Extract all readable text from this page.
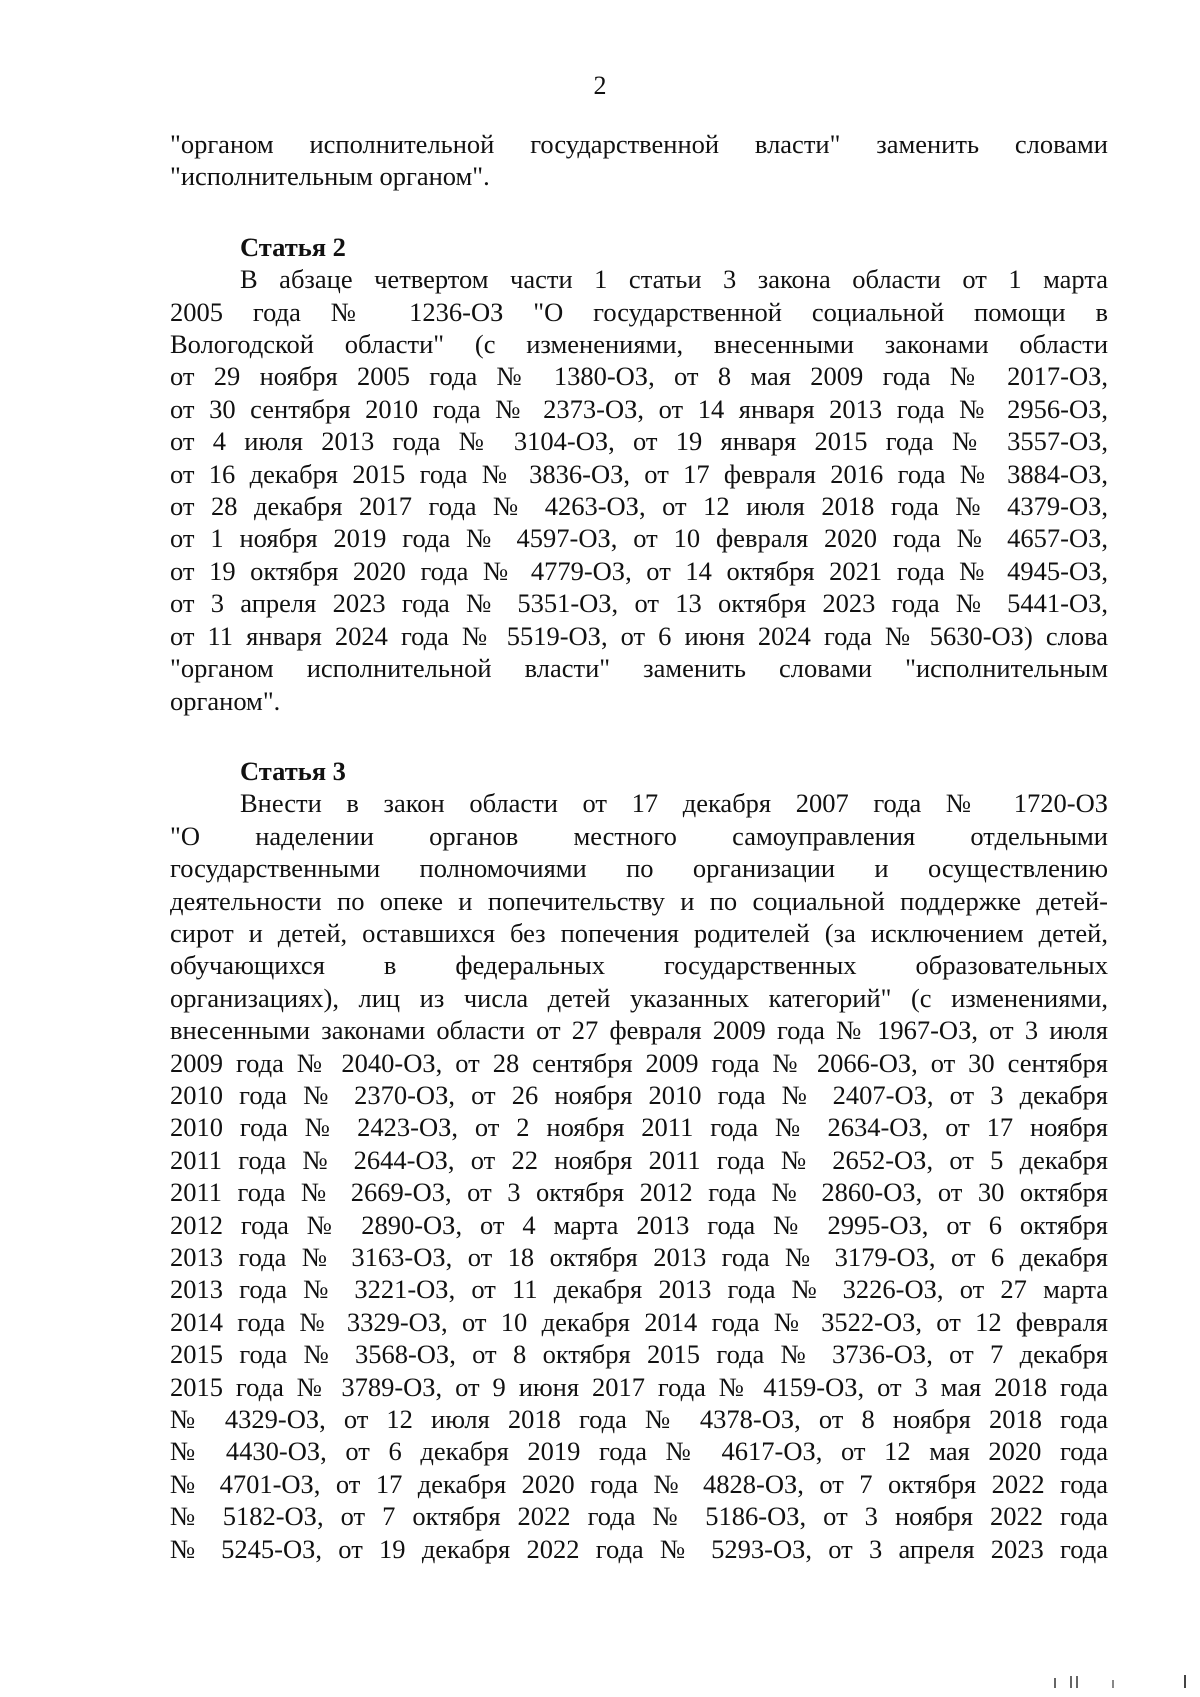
2
"органом исполнительной государственной власти" заменить словами
"исполнительным органом".
Статья 2
В абзаце четвертом части 1 статьи 3 закона области от 1 марта
2005 года № 1236-ОЗ "О государственной социальной помощи в
Вологодской области" (с изменениями, внесенными законами области
от 29 ноября 2005 года № 1380-ОЗ, от 8 мая 2009 года № 2017-ОЗ,
от 30 сентября 2010 года № 2373-ОЗ, от 14 января 2013 года № 2956-ОЗ,
от 4 июля 2013 года № 3104-ОЗ, от 19 января 2015 года № 3557-ОЗ,
от 16 декабря 2015 года № 3836-ОЗ, от 17 февраля 2016 года № 3884-ОЗ,
от 28 декабря 2017 года № 4263-ОЗ, от 12 июля 2018 года № 4379-ОЗ,
от 1 ноября 2019 года № 4597-ОЗ, от 10 февраля 2020 года № 4657-ОЗ,
от 19 октября 2020 года № 4779-ОЗ, от 14 октября 2021 года № 4945-ОЗ,
от 3 апреля 2023 года № 5351-ОЗ, от 13 октября 2023 года № 5441-ОЗ,
от 11 января 2024 года № 5519-ОЗ, от 6 июня 2024 года № 5630-ОЗ) слова
"органом исполнительной власти" заменить словами "исполнительным
органом".
Статья 3
Внести в закон области от 17 декабря 2007 года № 1720-ОЗ
"О наделении органов местного самоуправления отдельными
государственными полномочиями по организации и осуществлению
деятельности по опеке и попечительству и по социальной поддержке детей-
сирот и детей, оставшихся без попечения родителей (за исключением детей,
обучающихся в федеральных государственных образовательных
организациях), лиц из числа детей указанных категорий" (с изменениями,
внесенными законами области от 27 февраля 2009 года № 1967-ОЗ, от 3 июля
2009 года № 2040-ОЗ, от 28 сентября 2009 года № 2066-ОЗ, от 30 сентября
2010 года № 2370-ОЗ, от 26 ноября 2010 года № 2407-ОЗ, от 3 декабря
2010 года № 2423-ОЗ, от 2 ноября 2011 года № 2634-ОЗ, от 17 ноября
2011 года № 2644-ОЗ, от 22 ноября 2011 года № 2652-ОЗ, от 5 декабря
2011 года № 2669-ОЗ, от 3 октября 2012 года № 2860-ОЗ, от 30 октября
2012 года № 2890-ОЗ, от 4 марта 2013 года № 2995-ОЗ, от 6 октября
2013 года № 3163-ОЗ, от 18 октября 2013 года № 3179-ОЗ, от 6 декабря
2013 года № 3221-ОЗ, от 11 декабря 2013 года № 3226-ОЗ, от 27 марта
2014 года № 3329-ОЗ, от 10 декабря 2014 года № 3522-ОЗ, от 12 февраля
2015 года № 3568-ОЗ, от 8 октября 2015 года № 3736-ОЗ, от 7 декабря
2015 года № 3789-ОЗ, от 9 июня 2017 года № 4159-ОЗ, от 3 мая 2018 года
№ 4329-ОЗ, от 12 июля 2018 года № 4378-ОЗ, от 8 ноября 2018 года
№ 4430-ОЗ, от 6 декабря 2019 года № 4617-ОЗ, от 12 мая 2020 года
№ 4701-ОЗ, от 17 декабря 2020 года № 4828-ОЗ, от 7 октября 2022 года
№ 5182-ОЗ, от 7 октября 2022 года № 5186-ОЗ, от 3 ноября 2022 года
№ 5245-ОЗ, от 19 декабря 2022 года № 5293-ОЗ, от 3 апреля 2023 года
